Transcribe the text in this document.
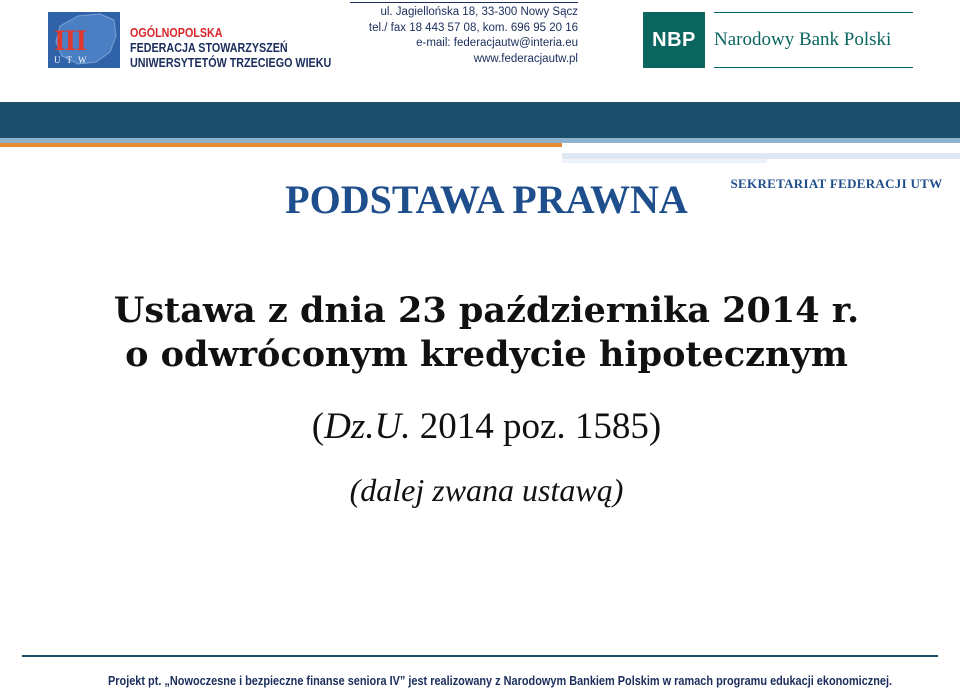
III
UTW
OGÓLNOPOLSKA
FEDERACJA STOWARZYSZEŃ
UNIWERSYTETÓW TRZECIEGO WIEKU
SEKRETARIAT FEDERACJI UTW
ul. Jagiellońska 18, 33-300 Nowy Sącz
tel./ fax 18 443 57 08, kom. 696 95 20 16
e-mail: federacjautw@interia.eu
www.federacjautw.pl
NBP Narodowy Bank Polski
PODSTAWA PRAWNA
Ustawa z dnia 23 października 2014 r.
o odwróconym kredycie hipotecznym
(Dz.U. 2014 poz. 1585)
(dalej zwana ustawą)
Projekt pt. „Nowoczesne i bezpieczne finanse seniora IV” jest realizowany z Narodowym Bankiem Polskim w ramach programu edukacji ekonomicznej.
